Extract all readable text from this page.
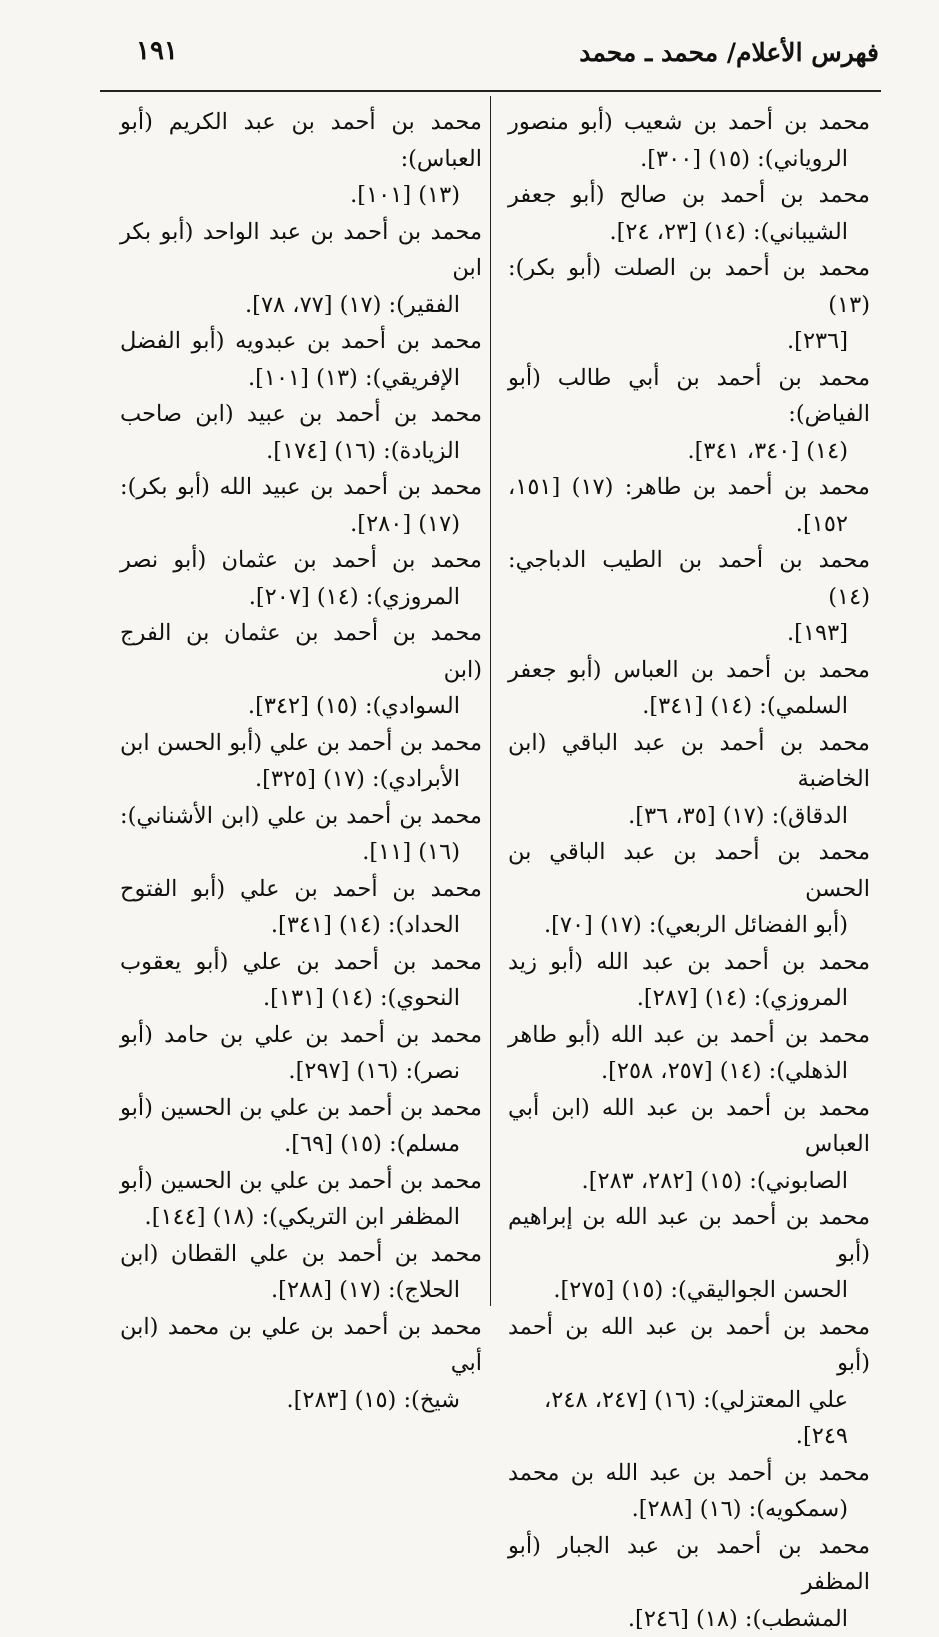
فهرس الأعلام/ محمد ـ محمد
١٩١
محمد بن أحمد بن شعيب (أبو منصور
الروياني): (١٥) [٣٠٠].
محمد بن أحمد بن صالح (أبو جعفر
الشيباني): (١٤) [٢٣، ٢٤].
محمد بن أحمد بن الصلت (أبو بكر): (١٣)
[٢٣٦].
محمد بن أحمد بن أبي طالب (أبو الفياض):
(١٤) [٣٤٠، ٣٤١].
محمد بن أحمد بن طاهر: (١٧) [١٥١،
١٥٢].
محمد بن أحمد بن الطيب الدباجي: (١٤)
[١٩٣].
محمد بن أحمد بن العباس (أبو جعفر
السلمي): (١٤) [٣٤١].
محمد بن أحمد بن عبد الباقي (ابن الخاضبة
الدقاق): (١٧) [٣٥، ٣٦].
محمد بن أحمد بن عبد الباقي بن الحسن
(أبو الفضائل الربعي): (١٧) [٧٠].
محمد بن أحمد بن عبد الله (أبو زيد
المروزي): (١٤) [٢٨٧].
محمد بن أحمد بن عبد الله (أبو طاهر
الذهلي): (١٤) [٢٥٧، ٢٥٨].
محمد بن أحمد بن عبد الله (ابن أبي العباس
الصابوني): (١٥) [٢٨٢، ٢٨٣].
محمد بن أحمد بن عبد الله بن إبراهيم (أبو
الحسن الجواليقي): (١٥) [٢٧٥].
محمد بن أحمد بن عبد الله بن أحمد (أبو
علي المعتزلي): (١٦) [٢٤٧، ٢٤٨،
٢٤٩].
محمد بن أحمد بن عبد الله بن محمد
(سمكويه): (١٦) [٢٨٨].
محمد بن أحمد بن عبد الجبار (أبو المظفر
المشطب): (١٨) [٢٤٦].
محمد بن أحمد بن عبد الكريم (أبو العباس):
(١٣) [١٠١].
محمد بن أحمد بن عبد الواحد (أبو بكر ابن
الفقير): (١٧) [٧٧، ٧٨].
محمد بن أحمد بن عبدويه (أبو الفضل
الإفريقي): (١٣) [١٠١].
محمد بن أحمد بن عبيد (ابن صاحب
الزيادة): (١٦) [١٧٤].
محمد بن أحمد بن عبيد الله (أبو بكر):
(١٧) [٢٨٠].
محمد بن أحمد بن عثمان (أبو نصر
المروزي): (١٤) [٢٠٧].
محمد بن أحمد بن عثمان بن الفرج (ابن
السوادي): (١٥) [٣٤٢].
محمد بن أحمد بن علي (أبو الحسن ابن
الأبرادي): (١٧) [٣٢٥].
محمد بن أحمد بن علي (ابن الأشناني):
(١٦) [١١].
محمد بن أحمد بن علي (أبو الفتوح
الحداد): (١٤) [٣٤١].
محمد بن أحمد بن علي (أبو يعقوب
النحوي): (١٤) [١٣١].
محمد بن أحمد بن علي بن حامد (أبو
نصر): (١٦) [٢٩٧].
محمد بن أحمد بن علي بن الحسين (أبو
مسلم): (١٥) [٦٩].
محمد بن أحمد بن علي بن الحسين (أبو
المظفر ابن التريكي): (١٨) [١٤٤].
محمد بن أحمد بن علي القطان (ابن
الحلاج): (١٧) [٢٨٨].
محمد بن أحمد بن علي بن محمد (ابن أبي
شيخ): (١٥) [٢٨٣].
